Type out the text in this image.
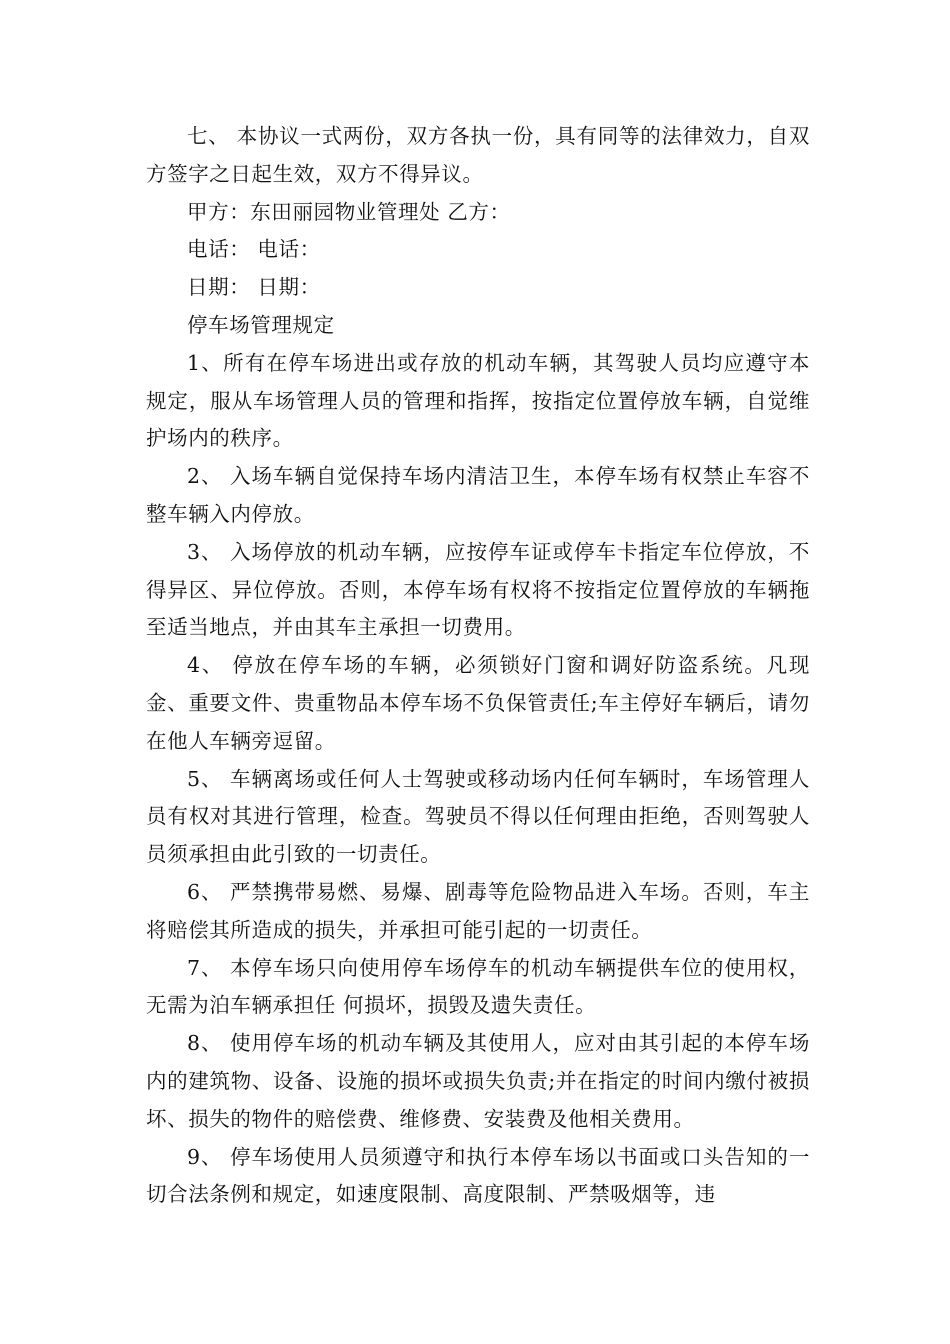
七、 本协议一式两份，双方各执一份，具有同等的法律效力，自双方签字之日起生效，双方不得异议。

甲方：东田丽园物业管理处 乙方：

电话： 电话：

日期： 日期：

停车场管理规定

1、所有在停车场进出或存放的机动车辆，其驾驶人员均应遵守本规定，服从车场管理人员的管理和指挥，按指定位置停放车辆，自觉维护场内的秩序。

2、 入场车辆自觉保持车场内清洁卫生，本停车场有权禁止车容不整车辆入内停放。

3、 入场停放的机动车辆，应按停车证或停车卡指定车位停放，不得异区、异位停放。否则，本停车场有权将不按指定位置停放的车辆拖至适当地点，并由其车主承担一切费用。

4、 停放在停车场的车辆，必须锁好门窗和调好防盗系统。凡现金、重要文件、贵重物品本停车场不负保管责任;车主停好车辆后，请勿在他人车辆旁逗留。

5、 车辆离场或任何人士驾驶或移动场内任何车辆时，车场管理人员有权对其进行管理，检查。驾驶员不得以任何理由拒绝，否则驾驶人员须承担由此引致的一切责任。

6、 严禁携带易燃、易爆、剧毒等危险物品进入车场。否则，车主将赔偿其所造成的损失，并承担可能引起的一切责任。

7、 本停车场只向使用停车场停车的机动车辆提供车位的使用权，无需为泊车辆承担任 何损坏，损毁及遗失责任。

8、 使用停车场的机动车辆及其使用人，应对由其引起的本停车场内的建筑物、设备、设施的损坏或损失负责;并在指定的时间内缴付被损坏、损失的物件的赔偿费、维修费、安装费及他相关费用。

9、 停车场使用人员须遵守和执行本停车场以书面或口头告知的一切合法条例和规定，如速度限制、高度限制、严禁吸烟等，违
